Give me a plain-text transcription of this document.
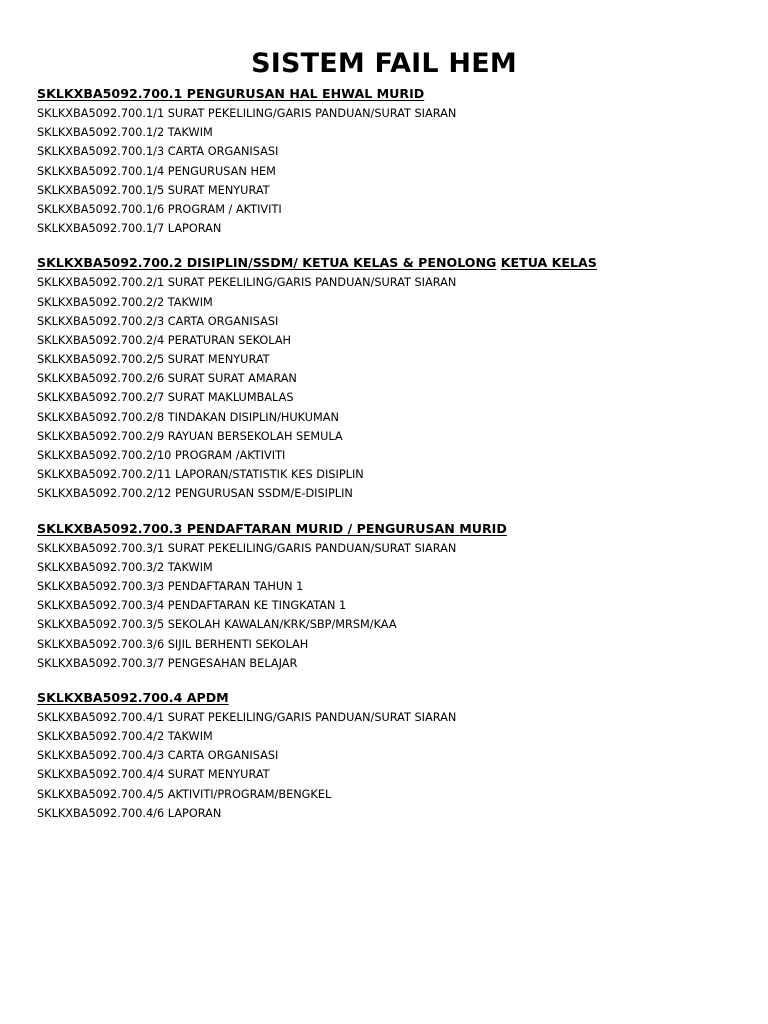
SISTEM FAIL HEM
SKLKXBA5092.700.1 PENGURUSAN HAL EHWAL MURID
SKLKXBA5092.700.1/1 SURAT PEKELILING/GARIS PANDUAN/SURAT SIARAN
SKLKXBA5092.700.1/2 TAKWIM
SKLKXBA5092.700.1/3 CARTA ORGANISASI
SKLKXBA5092.700.1/4 PENGURUSAN HEM
SKLKXBA5092.700.1/5 SURAT MENYURAT
SKLKXBA5092.700.1/6 PROGRAM / AKTIVITI
SKLKXBA5092.700.1/7 LAPORAN
SKLKXBA5092.700.2 DISIPLIN/SSDM/ KETUA KELAS & PENOLONG KETUA KELAS
SKLKXBA5092.700.2/1 SURAT PEKELILING/GARIS PANDUAN/SURAT SIARAN
SKLKXBA5092.700.2/2 TAKWIM
SKLKXBA5092.700.2/3 CARTA ORGANISASI
SKLKXBA5092.700.2/4 PERATURAN SEKOLAH
SKLKXBA5092.700.2/5 SURAT MENYURAT
SKLKXBA5092.700.2/6 SURAT SURAT AMARAN
SKLKXBA5092.700.2/7 SURAT MAKLUMBALAS
SKLKXBA5092.700.2/8 TINDAKAN DISIPLIN/HUKUMAN
SKLKXBA5092.700.2/9 RAYUAN BERSEKOLAH SEMULA
SKLKXBA5092.700.2/10 PROGRAM /AKTIVITI
SKLKXBA5092.700.2/11 LAPORAN/STATISTIK KES DISIPLIN
SKLKXBA5092.700.2/12 PENGURUSAN SSDM/E-DISIPLIN
SKLKXBA5092.700.3 PENDAFTARAN MURID / PENGURUSAN MURID
SKLKXBA5092.700.3/1 SURAT PEKELILING/GARIS PANDUAN/SURAT SIARAN
SKLKXBA5092.700.3/2 TAKWIM
SKLKXBA5092.700.3/3 PENDAFTARAN TAHUN 1
SKLKXBA5092.700.3/4 PENDAFTARAN KE TINGKATAN 1
SKLKXBA5092.700.3/5 SEKOLAH KAWALAN/KRK/SBP/MRSM/KAA
SKLKXBA5092.700.3/6 SIJIL BERHENTI SEKOLAH
SKLKXBA5092.700.3/7 PENGESAHAN BELAJAR
SKLKXBA5092.700.4 APDM
SKLKXBA5092.700.4/1 SURAT PEKELILING/GARIS PANDUAN/SURAT SIARAN
SKLKXBA5092.700.4/2 TAKWIM
SKLKXBA5092.700.4/3 CARTA ORGANISASI
SKLKXBA5092.700.4/4 SURAT MENYURAT
SKLKXBA5092.700.4/5 AKTIVITI/PROGRAM/BENGKEL
SKLKXBA5092.700.4/6 LAPORAN
